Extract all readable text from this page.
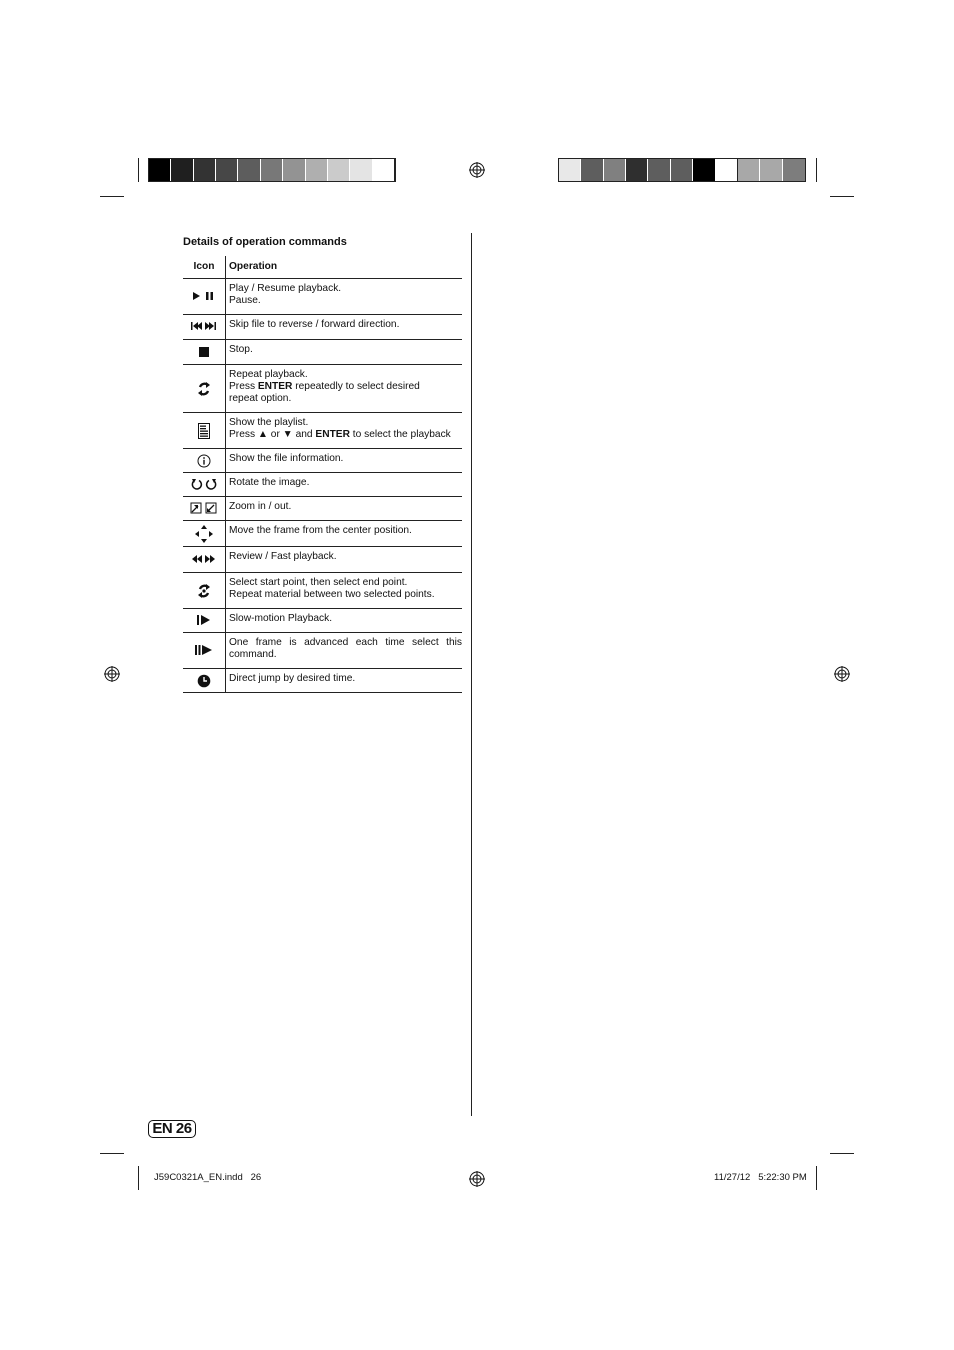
Details of operation commands
Icon	Operation

Play / Resume playback.
Pause.

Skip file to reverse / forward direction.

Stop.

Repeat playback.
Press ENTER repeatedly to select desired
repeat option.

Show the playlist.
Press ▲ or ▼ and ENTER to select the playback

Show the file information.

Rotate the image.

Zoom in / out.

Move the frame from the center position.

Review / Fast playback.

Select start point, then select end point.
Repeat material between two selected points.

Slow-motion Playback.

	One frame is advanced each time select this command.

Direct jump by desired time.
EN 26
J59C0321A_EN.indd   26	11/27/12   5:22:30 PM
